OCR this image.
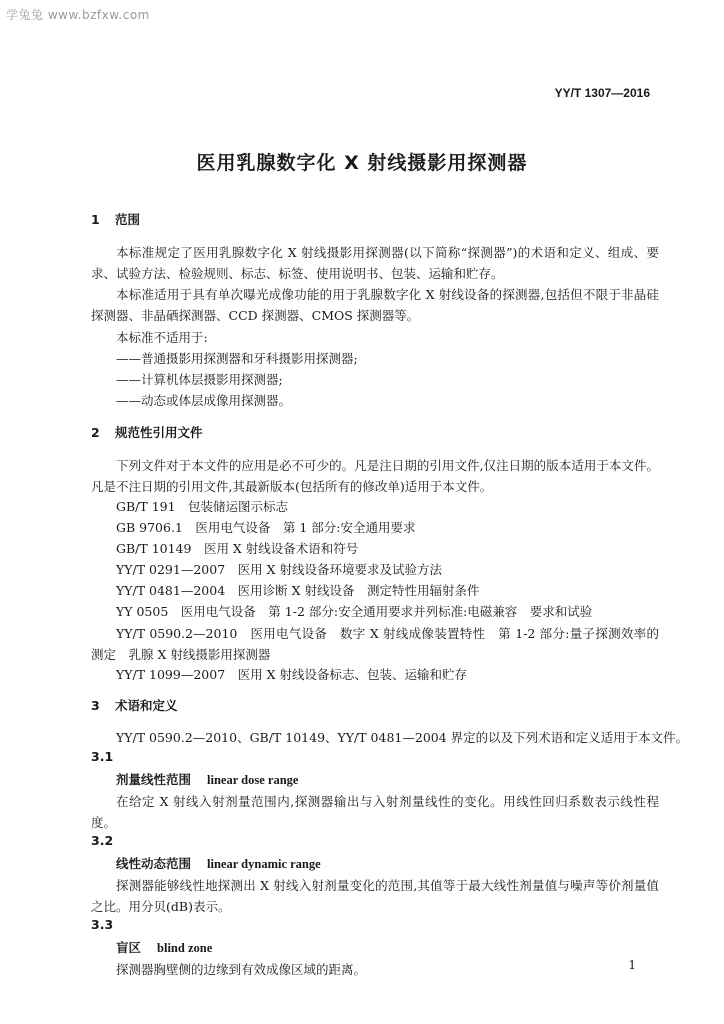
学兔兔 www.bzfxw.com
YY/T 1307—2016
医用乳腺数字化 X 射线摄影用探测器
1 范围

本标准规定了医用乳腺数字化 X 射线摄影用探测器(以下简称“探测器”)的术语和定义、组成、要求、试验方法、检验规则、标志、标签、使用说明书、包装、运输和贮存。

本标准适用于具有单次曝光成像功能的用于乳腺数字化 X 射线设备的探测器,包括但不限于非晶硅探测器、非晶硒探测器、CCD 探测器、CMOS 探测器等。

本标准不适用于:
——普通摄影用探测器和牙科摄影用探测器;
——计算机体层摄影用探测器;
——动态或体层成像用探测器。
2 规范性引用文件

下列文件对于本文件的应用是必不可少的。凡是注日期的引用文件,仅注日期的版本适用于本文件。凡是不注日期的引用文件,其最新版本(包括所有的修改单)适用于本文件。

GB/T 191　包装储运图示标志
GB 9706.1　医用电气设备　第 1 部分:安全通用要求
GB/T 10149　医用 X 射线设备术语和符号
YY/T 0291—2007　医用 X 射线设备环境要求及试验方法
YY/T 0481—2004　医用诊断 X 射线设备　测定特性用辐射条件
YY 0505　医用电气设备　第 1-2 部分:安全通用要求并列标准:电磁兼容　要求和试验

YY/T 0590.2—2010　医用电气设备　数字 X 射线成像装置特性　第 1-2 部分:量子探测效率的测定　乳腺 X 射线摄影用探测器

YY/T 1099—2007　医用 X 射线设备标志、包装、运输和贮存
3 术语和定义
YY/T 0590.2—2010、GB/T 10149、YY/T 0481—2004 界定的以及下列术语和定义适用于本文件。
3.1
剂量线性范围 linear dose range

在给定 X 射线入射剂量范围内,探测器输出与入射剂量线性的变化。用线性回归系数表示线性程度。

3.2
线性动态范围 linear dynamic range

探测器能够线性地探测出 X 射线入射剂量变化的范围,其值等于最大线性剂量值与噪声等价剂量值之比。用分贝(dB)表示。

3.3
盲区 blind zone

探测器胸壁侧的边缘到有效成像区域的距离。	1
